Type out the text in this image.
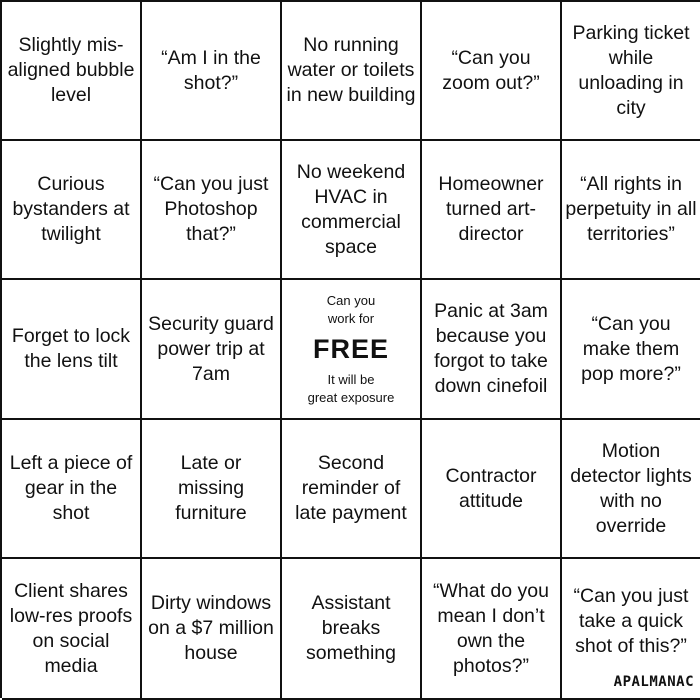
Slightly mis-aligned bubble level
“Am I in the shot?”
No running water or toilets in new building
“Can you zoom out?”
Parking ticket while unloading in city
Curious bystanders at twilight
“Can you just Photoshop that?”
No weekend HVAC in commercial space
Homeowner turned art-director
“All rights in perpetuity in all territories”
Forget to lock the lens tilt
Security guard power trip at 7am
Can you
work for
FREE
It will be
great exposure
Panic at 3am because you forgot to take down cinefoil
“Can you make them pop more?”
Left a piece of gear in the shot
Late or missing furniture
Second reminder of late payment
Contractor attitude
Motion detector lights with no override
Client shares low-res proofs on social media
Dirty windows on a $7 million house
Assistant breaks something
“What do you mean I don’t own the photos?”
“Can you just take a quick shot of this?”
APALMANAC
